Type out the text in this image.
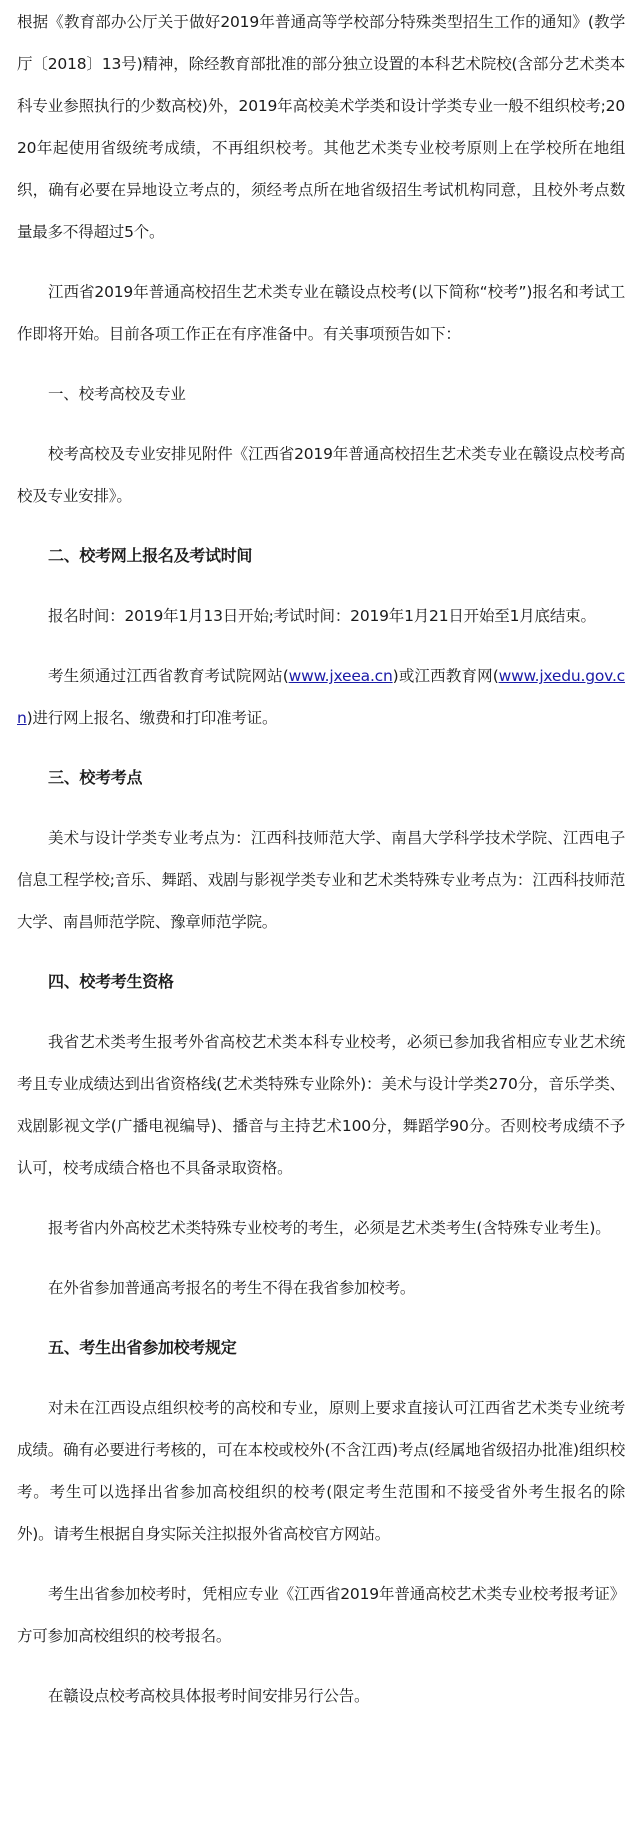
根据《教育部办公厅关于做好2019年普通高等学校部分特殊类型招生工作的通知》(教学厅〔2018〕13号)精神，除经教育部批准的部分独立设置的本科艺术院校(含部分艺术类本科专业参照执行的少数高校)外，2019年高校美术学类和设计学类专业一般不组织校考;2020年起使用省级统考成绩，不再组织校考。其他艺术类专业校考原则上在学校所在地组织，确有必要在异地设立考点的，须经考点所在地省级招生考试机构同意，且校外考点数量最多不得超过5个。

江西省2019年普通高校招生艺术类专业在赣设点校考(以下简称“校考”)报名和考试工作即将开始。目前各项工作正在有序准备中。有关事项预告如下：

一、校考高校及专业

校考高校及专业安排见附件《江西省2019年普通高校招生艺术类专业在赣设点校考高校及专业安排》。

二、校考网上报名及考试时间

报名时间：2019年1月13日开始;考试时间：2019年1月21日开始至1月底结束。

考生须通过江西省教育考试院网站(www.jxeea.cn)或江西教育网(www.jxedu.gov.cn)进行网上报名、缴费和打印准考证。

三、校考考点

美术与设计学类专业考点为：江西科技师范大学、南昌大学科学技术学院、江西电子信息工程学校;音乐、舞蹈、戏剧与影视学类专业和艺术类特殊专业考点为：江西科技师范大学、南昌师范学院、豫章师范学院。

四、校考考生资格

我省艺术类考生报考外省高校艺术类本科专业校考，必须已参加我省相应专业艺术统考且专业成绩达到出省资格线(艺术类特殊专业除外)：美术与设计学类270分，音乐学类、戏剧影视文学(广播电视编导)、播音与主持艺术100分，舞蹈学90分。否则校考成绩不予认可，校考成绩合格也不具备录取资格。

报考省内外高校艺术类特殊专业校考的考生，必须是艺术类考生(含特殊专业考生)。

在外省参加普通高考报名的考生不得在我省参加校考。

五、考生出省参加校考规定

对未在江西设点组织校考的高校和专业，原则上要求直接认可江西省艺术类专业统考成绩。确有必要进行考核的，可在本校或校外(不含江西)考点(经属地省级招办批准)组织校考。考生可以选择出省参加高校组织的校考(限定考生范围和不接受省外考生报名的除外)。请考生根据自身实际关注拟报外省高校官方网站。

考生出省参加校考时，凭相应专业《江西省2019年普通高校艺术类专业校考报考证》方可参加高校组织的校考报名。

在赣设点校考高校具体报考时间安排另行公告。
